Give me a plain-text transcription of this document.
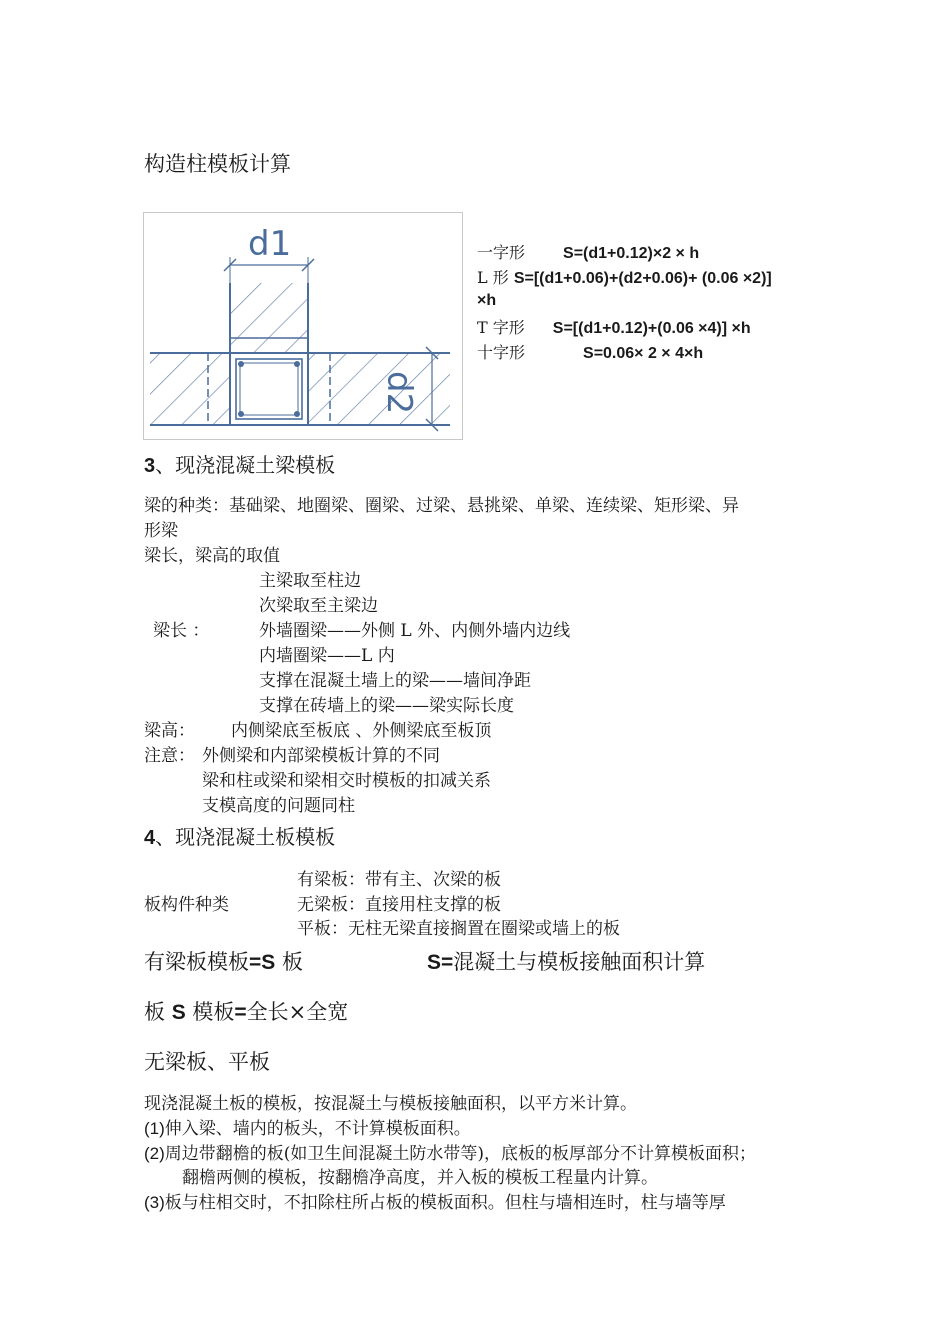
构造柱模板计算
d1
d2
一字形 S=(d1+0.12)×2 × h
L 形 S=[(d1+0.06)+(d2+0.06)+ (0.06 ×2)]
×h
T 字形 S=[(d1+0.12)+(0.06 ×4)] ×h
十字形	S=0.06× 2 × 4×h
3、现浇混凝土梁模板
梁的种类：基础梁、地圈梁、圈梁、过梁、悬挑梁、单梁、连续梁、矩形梁、异
形梁
梁长，梁高的取值
主梁取至柱边
次梁取至主梁边
梁长 ：	外墙圈梁——外侧 L 外、内侧外墙内边线
内墙圈梁——L 内
支撑在混凝土墙上的梁——墙间净距
支撑在砖墙上的梁——梁实际长度
梁高： 内侧梁底至板底 、外侧梁底至板顶
注意： 外侧梁和内部梁模板计算的不同
梁和柱或梁和梁相交时模板的扣减关系
支模高度的问题同柱
4、现浇混凝土板模板
有梁板：带有主、次梁的板
板构件种类	无梁板：直接用柱支撑的板
平板：无柱无梁直接搁置在圈梁或墙上的板
有梁板模板=S 板	S=混凝土与模板接触面积计算
板 S 模板=全长×全宽
无梁板、平板
现浇混凝土板的模板，按混凝土与模板接触面积，以平方米计算。
(1)伸入梁、墙内的板头，不计算模板面积。
(2)周边带翻檐的板(如卫生间混凝土防水带等)，底板的板厚部分不计算模板面积；
翻檐两侧的模板，按翻檐净高度，并入板的模板工程量内计算。
(3)板与柱相交时，不扣除柱所占板的模板面积。但柱与墙相连时，柱与墙等厚
